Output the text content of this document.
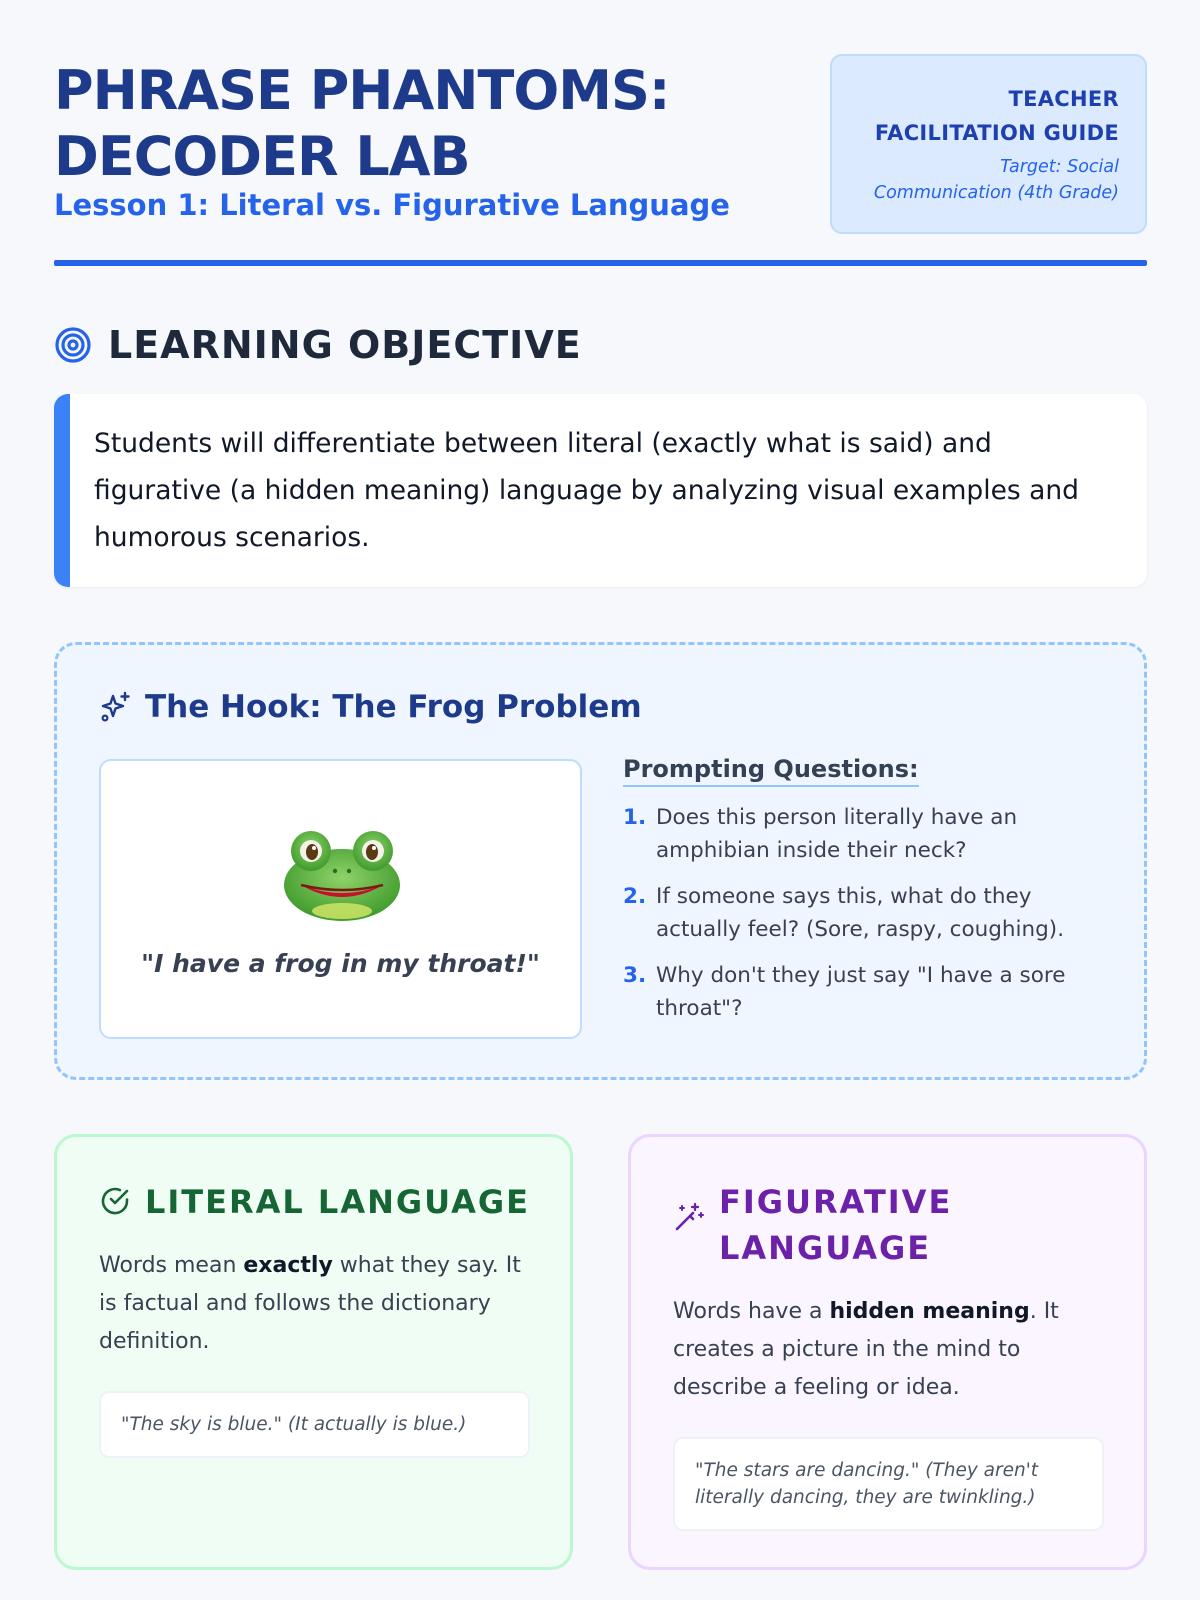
PHRASE PHANTOMS:
DECODER LAB
Lesson 1: Literal vs. Figurative Language
TEACHER
FACILITATION GUIDE
Target: Social
Communication (4th Grade)
LEARNING OBJECTIVE

Students will differentiate between literal (exactly what is said) and figurative (a hidden meaning) language by analyzing visual examples and humorous scenarios.

The Hook: The Frog Problem
"I have a frog in my throat!"
Prompting Questions:
1. Does this person literally have an amphibian inside their neck?
2. If someone says this, what do they actually feel? (Sore, raspy, coughing).
3. Why don't they just say "I have a sore throat"?
LITERAL LANGUAGE

Words mean exactly what they say. It is factual and follows the dictionary definition.

"The sky is blue." (It actually is blue.)
FIGURATIVE
LANGUAGE

Words have a hidden meaning. It creates a picture in the mind to describe a feeling or idea.

"The stars are dancing." (They aren't literally dancing, they are twinkling.)
